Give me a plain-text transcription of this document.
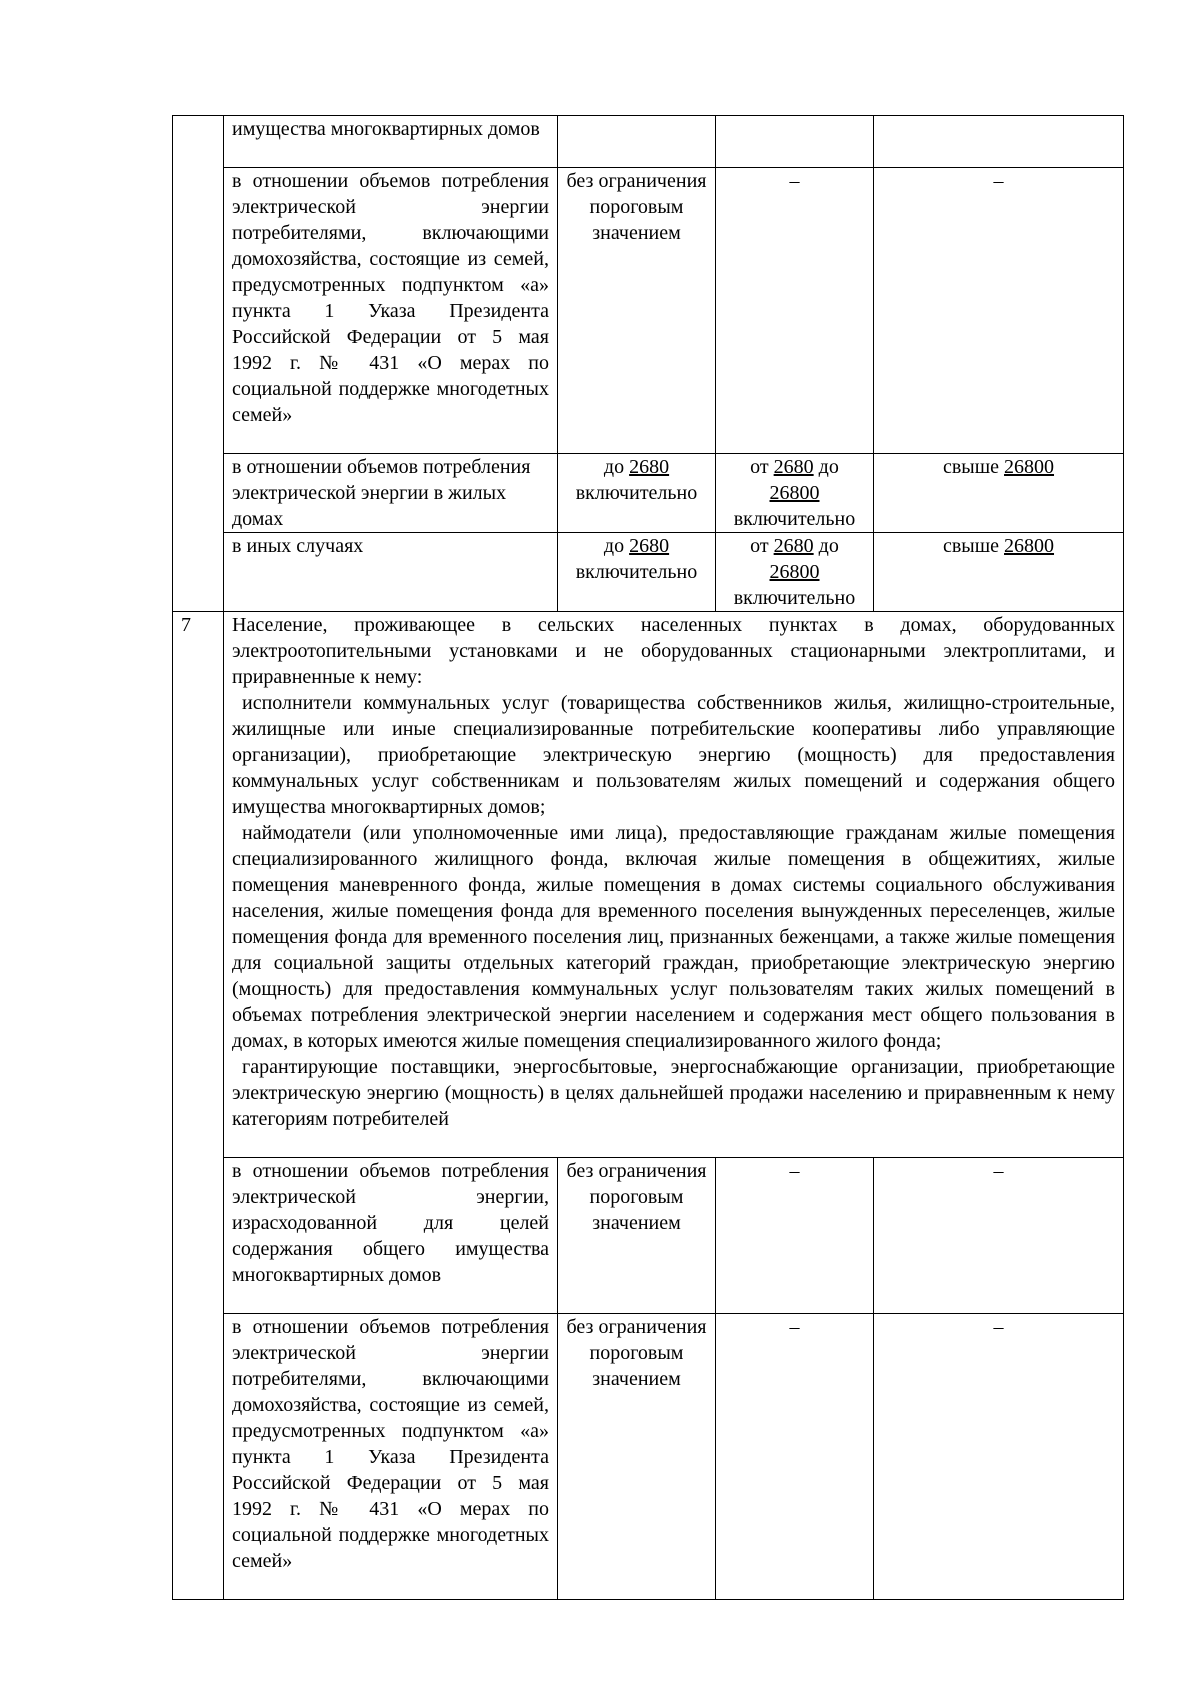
	имущества многоквартирных домов			
	в отношении объемов потребления электрической энергии потребителями, включающими домохозяйства, состоящие из семей, предусмотренных подпунктом «а» пункта 1 Указа Президента Российской Федерации от 5 мая 1992 г. № 431 «О мерах по социальной поддержке многодетных семей»	без ограничения пороговым значением	–	–
	в отношении объемов потребления электрической энергии в жилых домах	до 2680 включительно	от 2680 до 26800 включительно	свыше 26800
	в иных случаях	до 2680 включительно	от 2680 до 26800 включительно	свыше 26800
7	Население, проживающее в сельских населенных пунктах в домах, оборудованных электроотопительными установками и не оборудованных стационарными электроплитами, и приравненные к нему:
исполнители коммунальных услуг (товарищества собственников жилья, жилищно-строительные, жилищные или иные специализированные потребительские кооперативы либо управляющие организации), приобретающие электрическую энергию (мощность) для предоставления коммунальных услуг собственникам и пользователям жилых помещений и содержания общего имущества многоквартирных домов;
наймодатели (или уполномоченные ими лица), предоставляющие гражданам жилые помещения специализированного жилищного фонда, включая жилые помещения в общежитиях, жилые помещения маневренного фонда, жилые помещения в домах системы социального обслуживания населения, жилые помещения фонда для временного поселения вынужденных переселенцев, жилые помещения фонда для временного поселения лиц, признанных беженцами, а также жилые помещения для социальной защиты отдельных категорий граждан, приобретающие электрическую энергию (мощность) для предоставления коммунальных услуг пользователям таких жилых помещений в объемах потребления электрической энергии населением и содержания мест общего пользования в домах, в которых имеются жилые помещения специализированного жилого фонда;
гарантирующие поставщики, энергосбытовые, энергоснабжающие организации, приобретающие электрическую энергию (мощность) в целях дальнейшей продажи населению и приравненным к нему категориям потребителей			

	в отношении объемов потребления электрической энергии, израсходованной для целей содержания общего имущества многоквартирных домов	без ограничения пороговым значением	–	–
	в отношении объемов потребления электрической энергии потребителями, включающими домохозяйства, состоящие из семей, предусмотренных подпунктом «а» пункта 1 Указа Президента Российской Федерации от 5 мая 1992 г. № 431 «О мерах по социальной поддержке многодетных семей»	без ограничения пороговым значением	–	–
